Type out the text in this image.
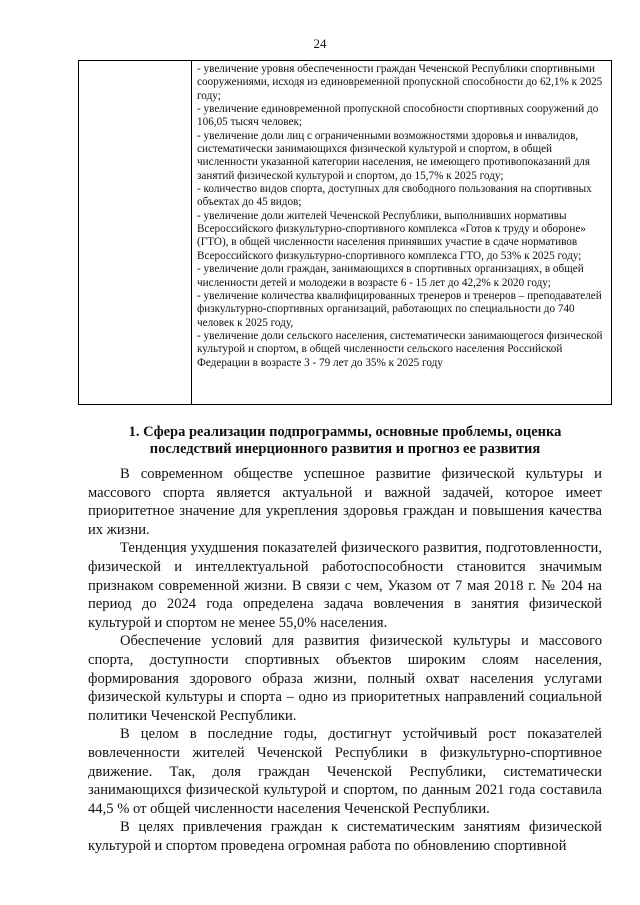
24

- увеличение уровня обеспеченности граждан Чеченской Республики спортивными сооружениями, исходя из единовременной пропускной способности до 62,1% к 2025 году;

- увеличение единовременной пропускной способности спортивных сооружений до 106,05 тысяч человек;

- увеличение доли лиц с ограниченными возможностями здоровья и инвалидов, систематически занимающихся физической культурой и спортом, в общей численности указанной категории населения, не имеющего противопоказаний для занятий физической культурой и спортом, до 15,7% к 2025 году;

- количество видов спорта, доступных для свободного пользования на спортивных объектах до 45 видов;

- увеличение доли жителей Чеченской Республики, выполнивших нормативы Всероссийского физкультурно-спортивного комплекса «Готов к труду и обороне» (ГТО), в общей численности населения принявших участие в сдаче нормативов Всероссийского физкультурно-спортивного комплекса ГТО, до 53% к 2025 году;

- увеличение доли граждан, занимающихся в спортивных организациях, в общей численности детей и молодежи в возрасте 6 - 15 лет до 42,2% к 2020 году;

- увеличение количества квалифицированных тренеров и тренеров – преподавателей физкультурно-спортивных организаций, работающих по специальности до 740 человек к 2025 году,

- увеличение доли сельского населения, систематически занимающегося физической культурой и спортом, в общей численности сельского населения Российской Федерации в возрасте 3 - 79 лет до 35% к 2025 году

1. Сфера реализации подпрограммы, основные проблемы, оценка
последствий инерционного развития и прогноз ее развития

В современном обществе успешное развитие физической культуры и массового спорта является актуальной и важной задачей, которое имеет приоритетное значение для укрепления здоровья граждан и повышения качества их жизни.

Тенденция ухудшения показателей физического развития, подготовленности, физической и интеллектуальной работоспособности становится значимым признаком современной жизни. В связи с чем, Указом от 7 мая 2018 г. № 204 на период до 2024 года определена задача вовлечения в занятия физической культурой и спортом не менее 55,0% населения.

Обеспечение условий для развития физической культуры и массового спорта, доступности спортивных объектов широким слоям населения, формирования здорового образа жизни, полный охват населения услугами физической культуры и спорта – одно из приоритетных направлений социальной политики Чеченской Республики.

В целом в последние годы, достигнут устойчивый рост показателей вовлеченности жителей Чеченской Республики в физкультурно-спортивное движение. Так, доля граждан Чеченской Республики, систематически занимающихся физической культурой и спортом, по данным 2021 года составила 44,5 % от общей численности населения Чеченской Республики.

В целях привлечения граждан к систематическим занятиям физической культурой и спортом проведена огромная работа по обновлению спортивной
